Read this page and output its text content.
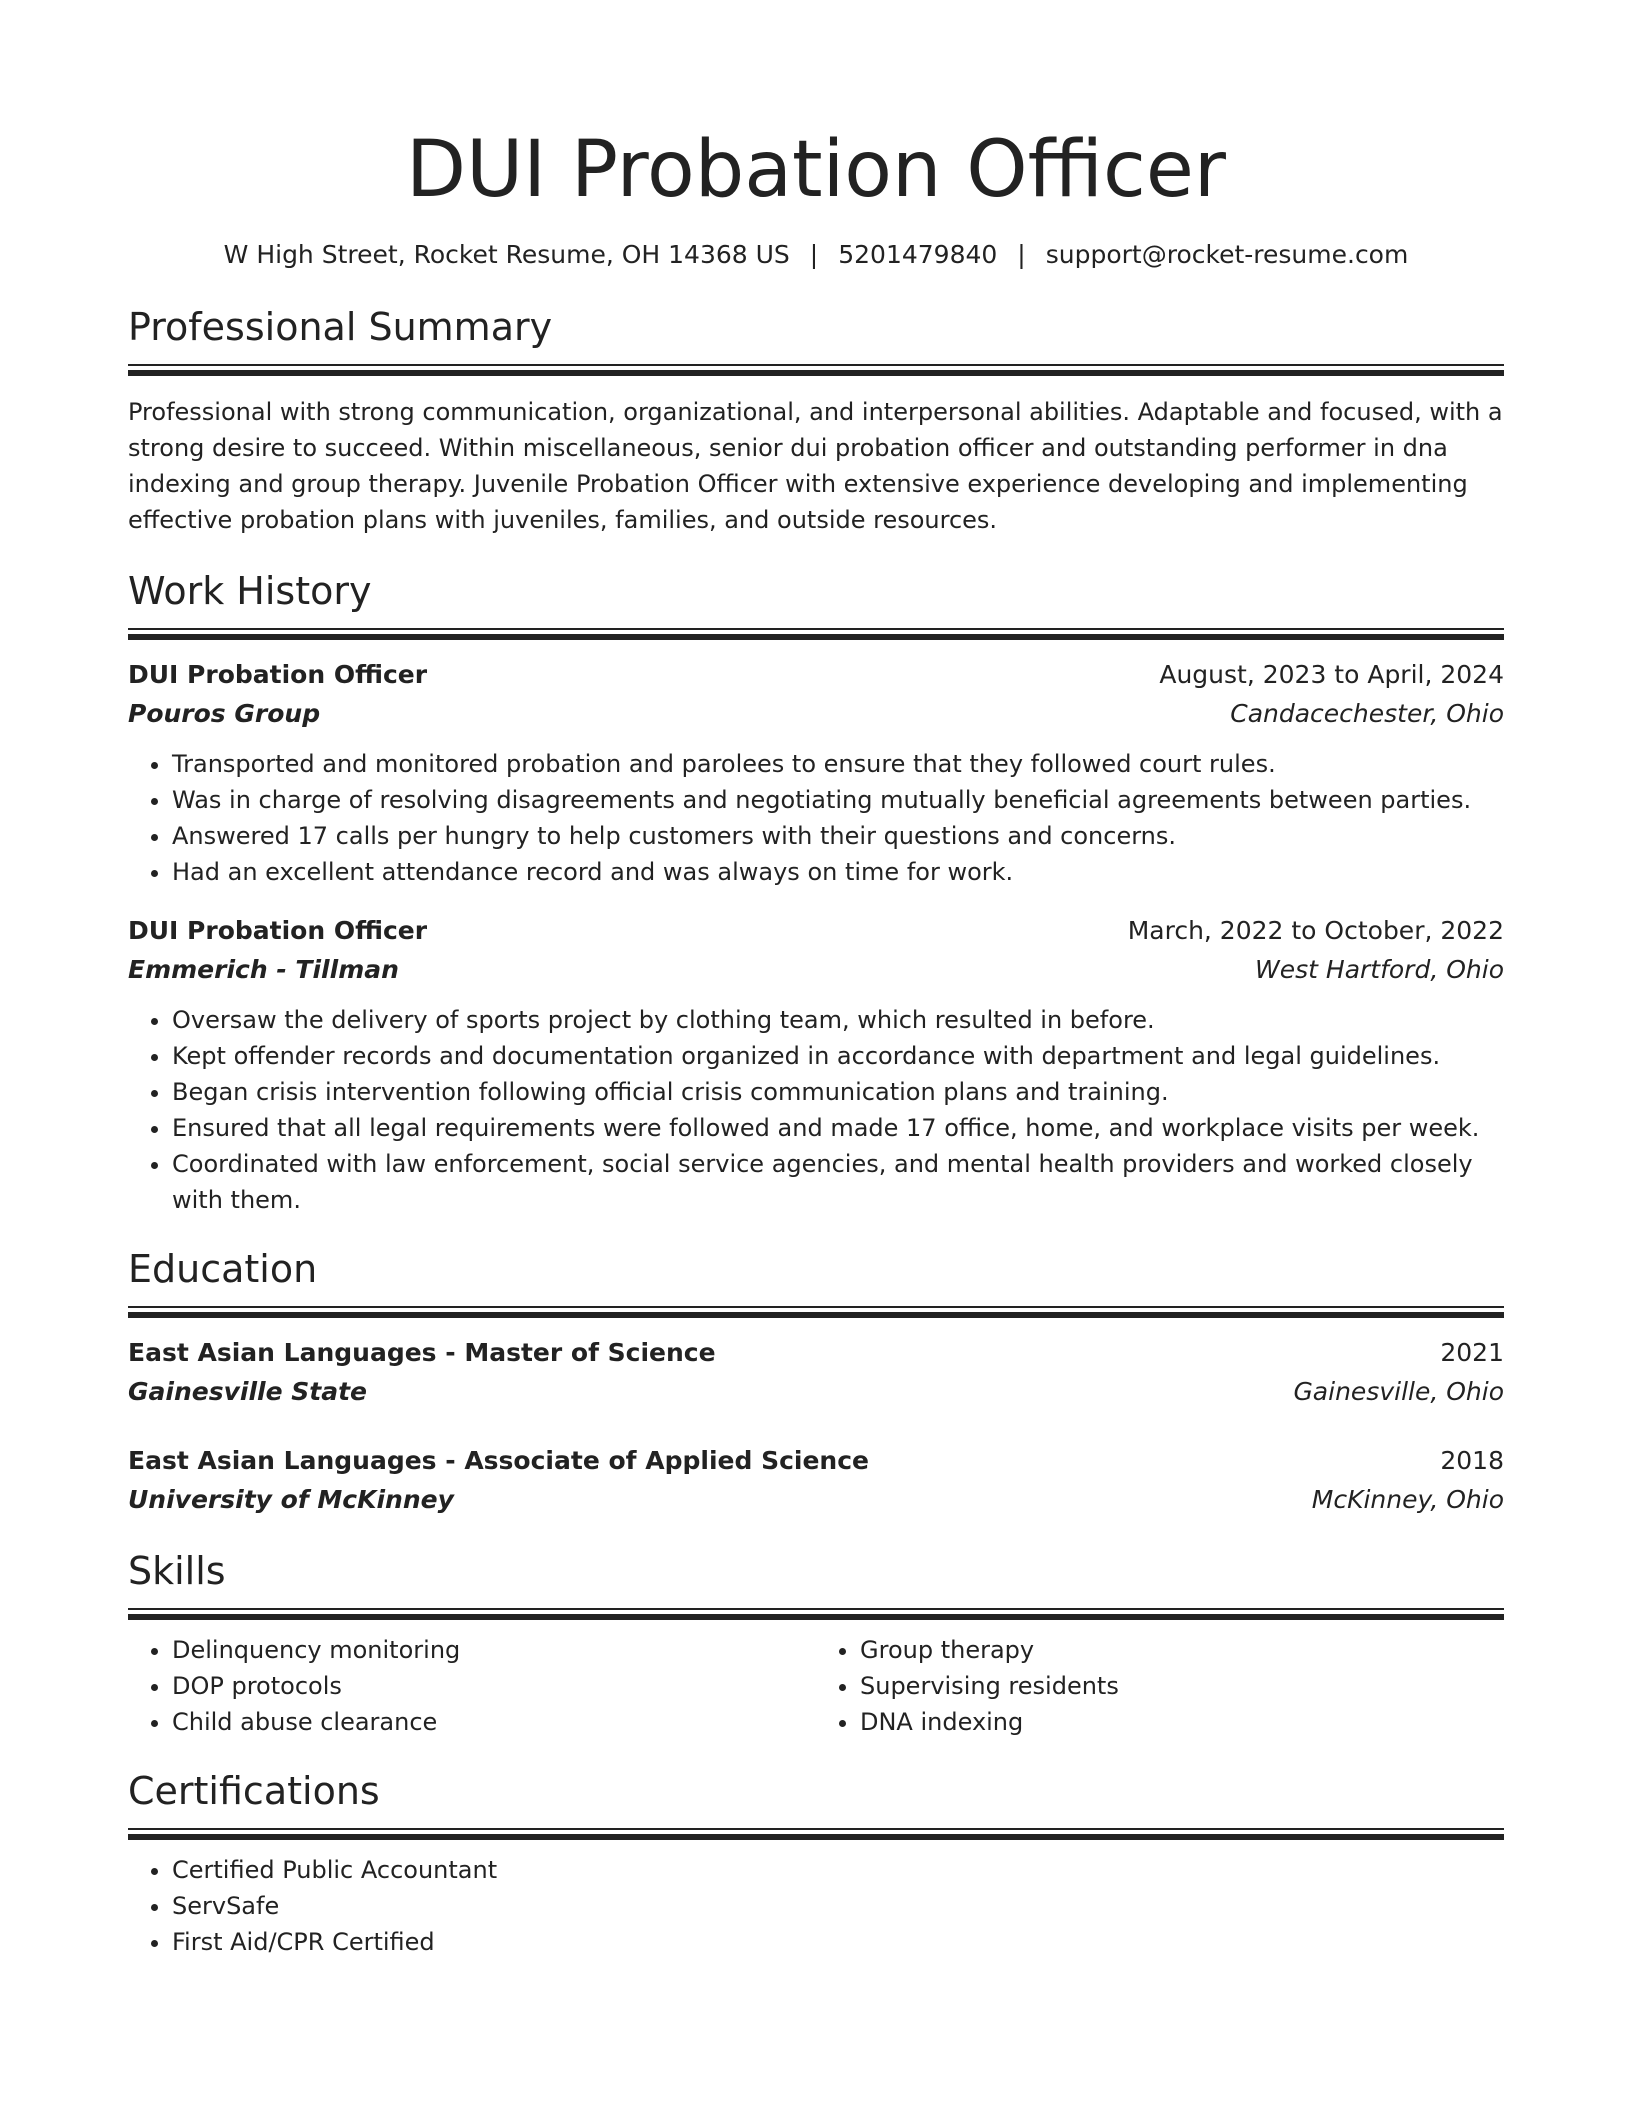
DUI Probation Officer
W High Street, Rocket Resume, OH 14368 US | 5201479840 | support@rocket-resume.com
Professional Summary
Professional with strong communication, organizational, and interpersonal abilities. Adaptable and focused, with a strong desire to succeed. Within miscellaneous, senior dui probation officer and outstanding performer in dna indexing and group therapy. Juvenile Probation Officer with extensive experience developing and implementing effective probation plans with juveniles, families, and outside resources.
Work History
DUI Probation Officer	August, 2023 to April, 2024
Pouros Group	Candacechester, Ohio
• Transported and monitored probation and parolees to ensure that they followed court rules.
• Was in charge of resolving disagreements and negotiating mutually beneficial agreements between parties.
• Answered 17 calls per hungry to help customers with their questions and concerns.
• Had an excellent attendance record and was always on time for work.
DUI Probation Officer	March, 2022 to October, 2022
Emmerich - Tillman	West Hartford, Ohio
• Oversaw the delivery of sports project by clothing team, which resulted in before.
• Kept offender records and documentation organized in accordance with department and legal guidelines.
• Began crisis intervention following official crisis communication plans and training.
• Ensured that all legal requirements were followed and made 17 office, home, and workplace visits per week.
• Coordinated with law enforcement, social service agencies, and mental health providers and worked closely with them.
Education
East Asian Languages - Master of Science	2021
Gainesville State	Gainesville, Ohio
East Asian Languages - Associate of Applied Science	2018
University of McKinney	McKinney, Ohio
Skills
• Delinquency monitoring
• DOP protocols
• Child abuse clearance
• Group therapy
• Supervising residents
• DNA indexing
Certifications
• Certified Public Accountant
• ServSafe
• First Aid/CPR Certified
